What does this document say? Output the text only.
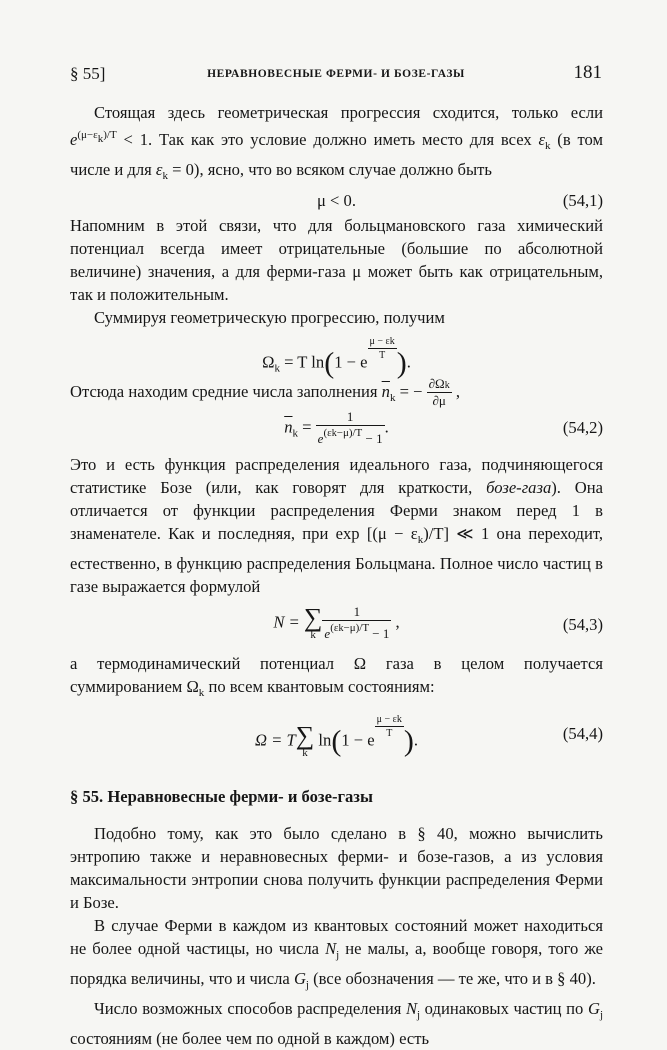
§ 55]	НЕРАВНОВЕСНЫЕ ФЕРМИ- И БОЗЕ-ГАЗЫ	181

Стоящая здесь геометрическая прогрессия сходится, только если $e^{(\mu-\varepsilon k)/T} < 1$. Так как это условие должно иметь место для всех $\varepsilon_k$ (в том числе и для $\varepsilon_k = 0$), ясно, что во всяком случае должно быть

μ < 0.	(54,1)

Напомним в этой связи, что для больцмановского газа химический потенциал всегда имеет отрицательные (большие по абсолютной величине) значения, а для ферми-газа μ может быть как отрицательным, так и положительным.

Суммируя геометрическую прогрессию, получим

$\Omega_k = T$ ln(1 − e
$\frac{\mu - \varepsilon k}{T}$ ).

Отсюда находим средние числа заполнения $\overline{n}_k$ = − $\frac{\partial\Omega k}{\partial\mu}$ ,

$\overline{n}_k = \frac{1}{e^{(\varepsilon k-\mu)/T} - 1}$ .	(54,2)

Это и есть функция распределения идеального газа, подчиняющегося статистике Бозе (или, как говорят для краткости, бозе-газа). Она отличается от функции распределения Ферми знаком перед 1 в знаменателе. Как и последняя, при $\exp [(\mu - \varepsilon_k)/T]$ ≪ 1 она переходит, естественно, в функцию распределения Больцмана. Полное число частиц в газе выражается формулой

N = ∑
k $\frac{1}{e^{(\varepsilon k-\mu)/T} - 1}$ ,	(54,3)

а термодинамический потенциал Ω газа в целом получается суммированием $\Omega_k$ по всем квантовым состояниям:

Ω = T ∑
k
ln(1 − e
$\frac{\mu - \varepsilon k}{T}$ ).	(54,4)

§ 55. Неравновесные ферми- и бозе-газы

Подобно тому, как это было сделано в § 40, можно вычислить энтропию также и неравновесных ферми- и бозе-газов, а из условия максимальности энтропии снова получить функции распределения Ферми и Бозе.

В случае Ферми в каждом из квантовых состояний может находиться не более одной частицы, но числа $N_j$ не малы, а, вообще говоря, того же порядка величины, что и числа $G_j$ (все обозначения — те же, что и в § 40).

Число возможных способов распределения $N_j$ одинаковых частиц по $G_j$ состояниям (не более чем по одной в каждом) есть
